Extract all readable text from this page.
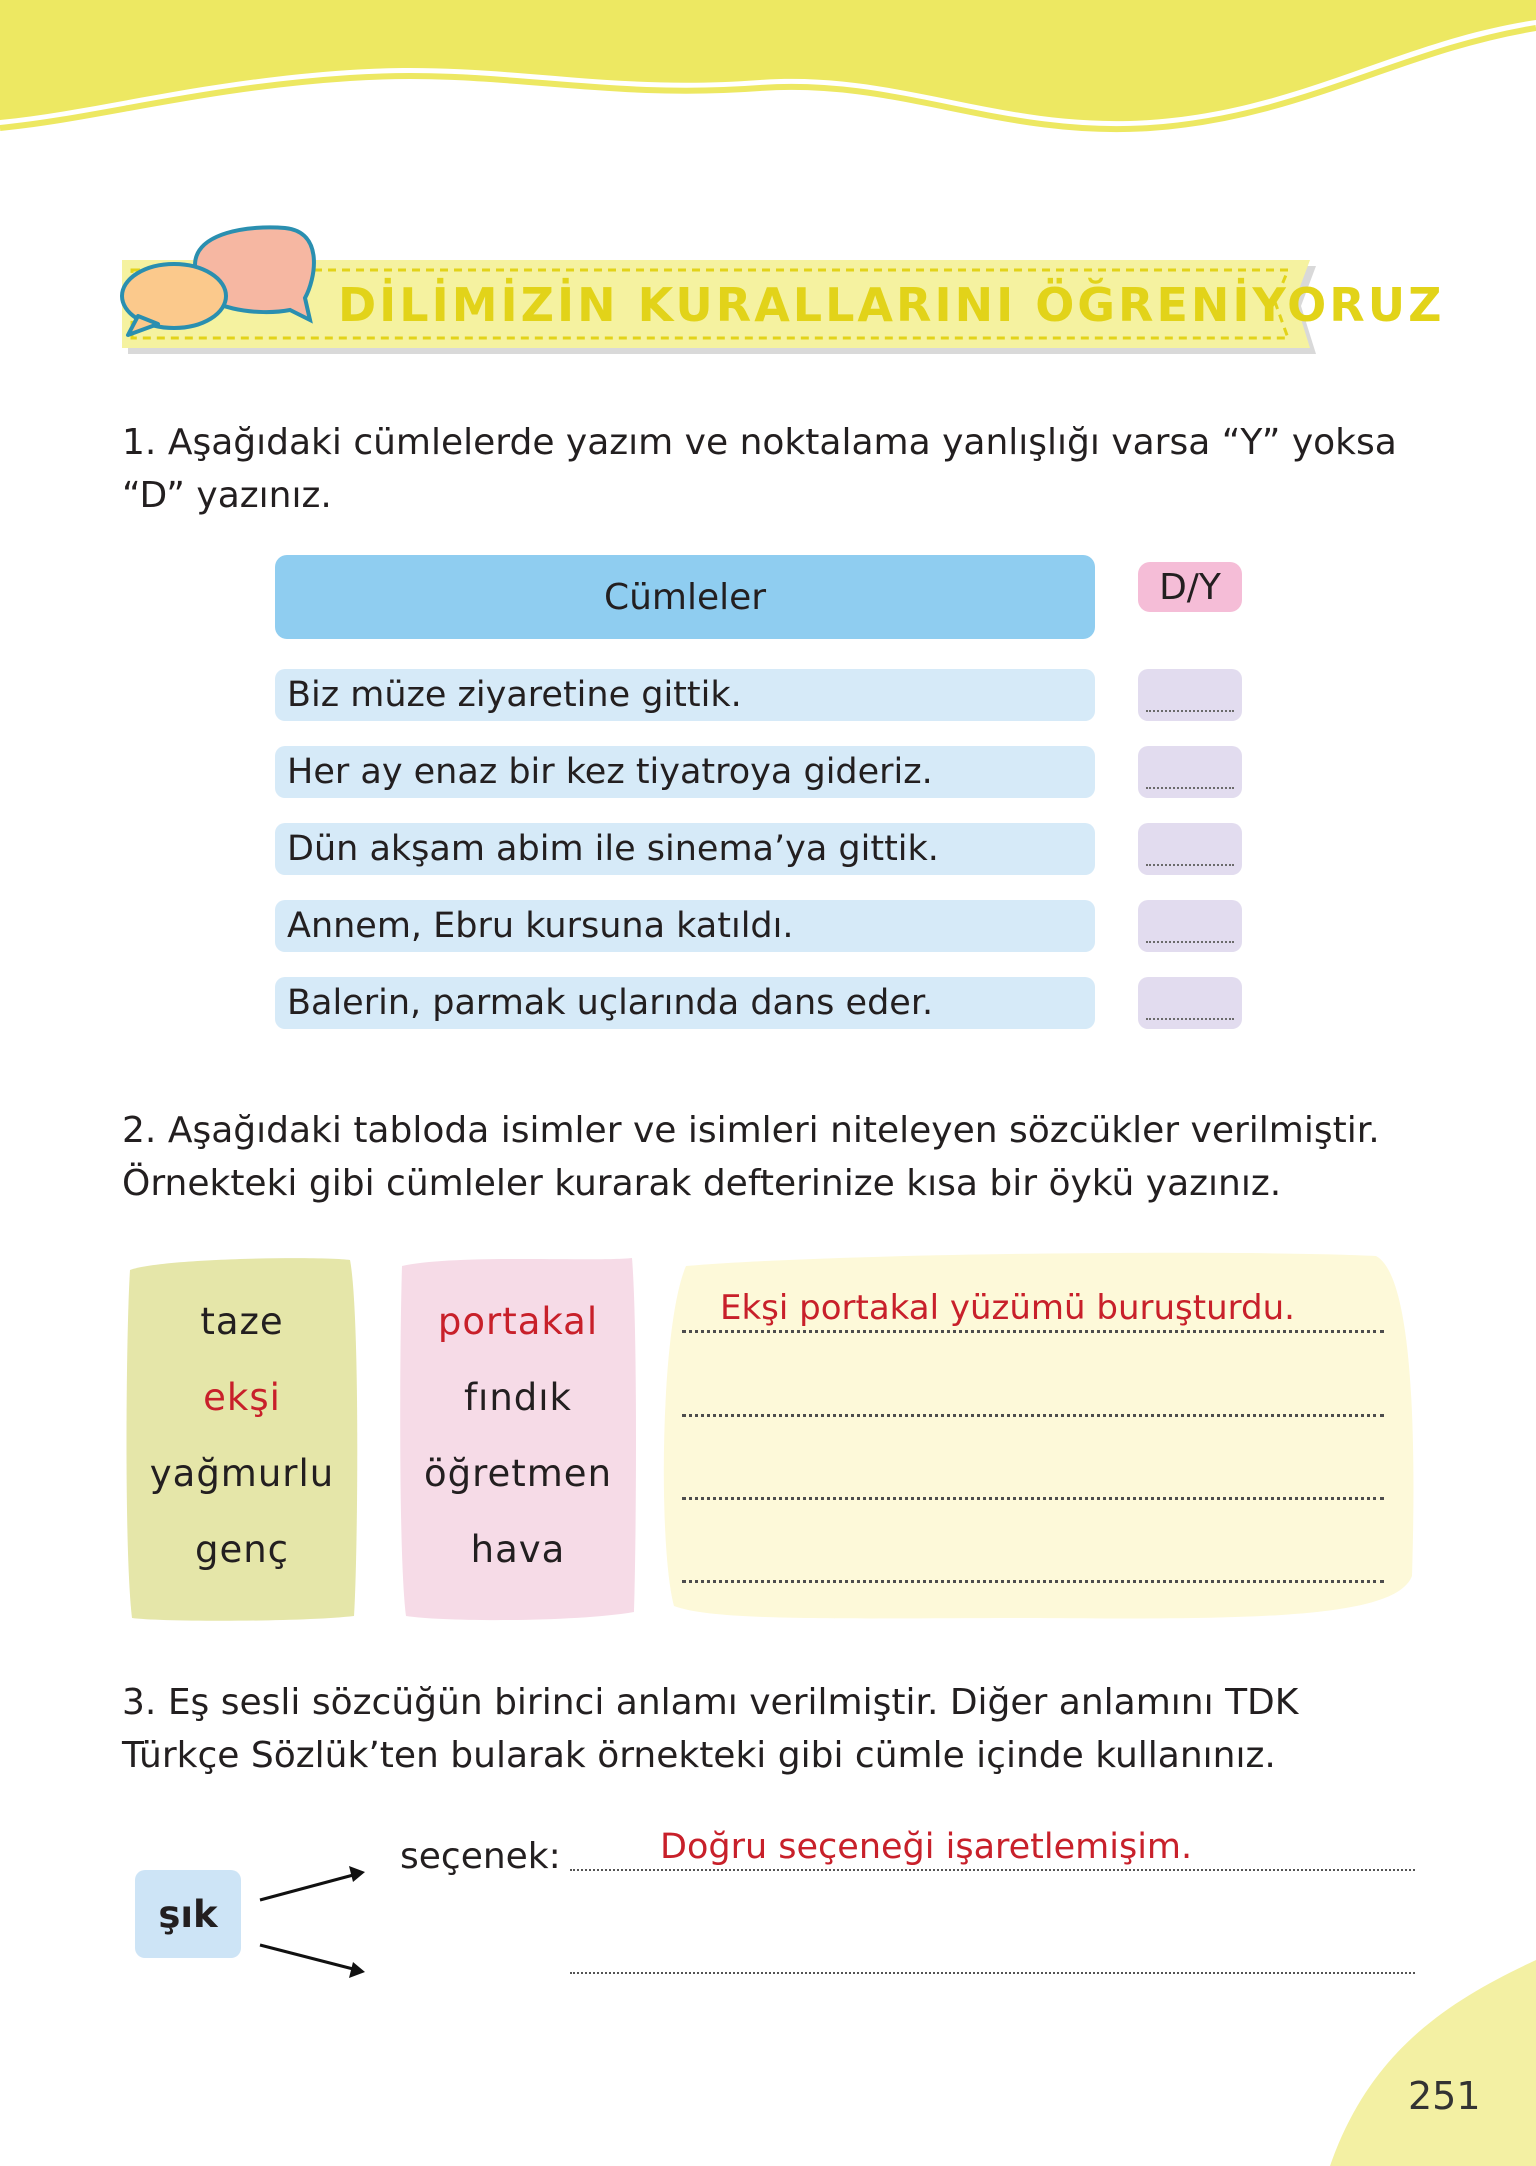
DİLİMİZİN KURALLARINI ÖĞRENİYORUZ
1. Aşağıdaki cümlelerde yazım ve noktalama yanlışlığı varsa “Y” yoksa “D” yazınız.
Cümleler	D/Y
Biz müze ziyaretine gittik.
Her ay enaz bir kez tiyatroya gideriz.
Dün akşam abim ile sinema’ya gittik.
Annem, Ebru kursuna katıldı.
Balerin, parmak uçlarında dans eder.
2. Aşağıdaki tabloda isimler ve isimleri niteleyen sözcükler verilmiştir. Örnekteki gibi cümleler kurarak defterinize kısa bir öykü yazınız.
taze
ekşi
yağmurlu
genç
portakal
fındık
öğretmen
hava
Ekşi portakal yüzümü buruşturdu.
3. Eş sesli sözcüğün birinci anlamı verilmiştir. Diğer anlamını TDK Türkçe Sözlük’ten bularak örnekteki gibi cümle içinde kullanınız.
şık
seçenek:	Doğru seçeneği işaretlemişim.
251
